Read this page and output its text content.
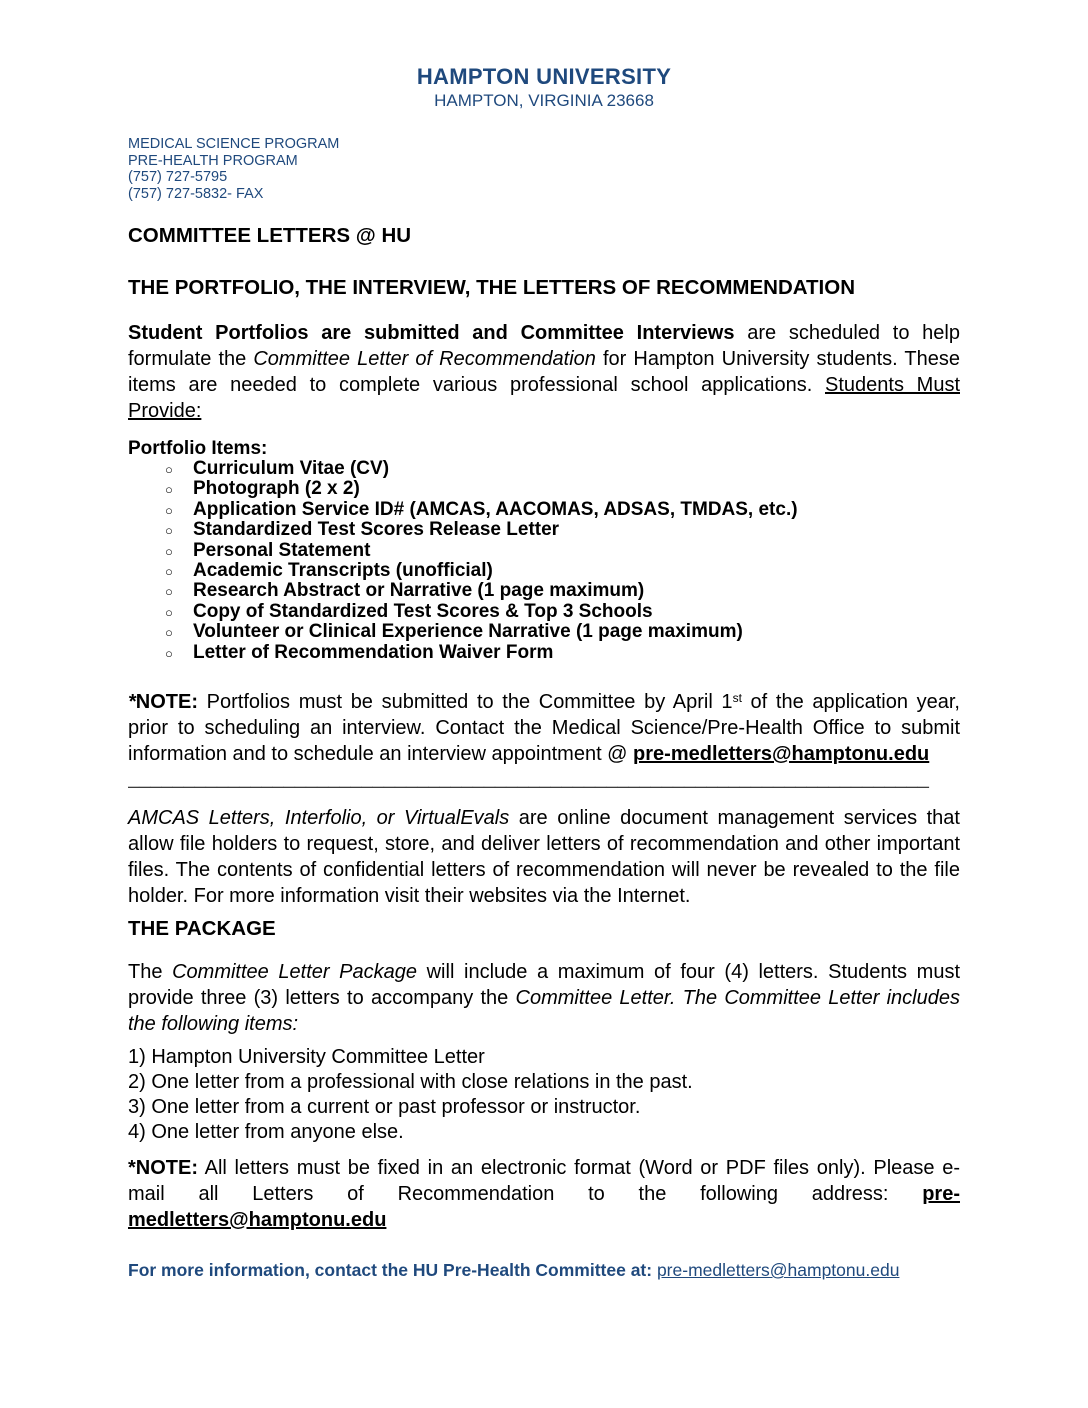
HAMPTON UNIVERSITY
HAMPTON, VIRGINIA 23668
MEDICAL SCIENCE PROGRAM
PRE-HEALTH PROGRAM
(757) 727-5795
(757) 727-5832- FAX
COMMITTEE LETTERS @ HU
THE PORTFOLIO, THE INTERVIEW, THE LETTERS OF RECOMMENDATION

Student Portfolios are submitted and Committee Interviews are scheduled to help formulate the Committee Letter of Recommendation for Hampton University students. These items are needed to complete various professional school applications. Students Must Provide:

Portfolio Items:
○ Curriculum Vitae (CV)
○ Photograph (2 x 2)
○ Application Service ID# (AMCAS, AACOMAS, ADSAS, TMDAS, etc.)
○ Standardized Test Scores Release Letter
○ Personal Statement
○ Academic Transcripts (unofficial)
○ Research Abstract or Narrative (1 page maximum)
○ Copy of Standardized Test Scores & Top 3 Schools
○ Volunteer or Clinical Experience Narrative (1 page maximum)
○ Letter of Recommendation Waiver Form

*NOTE: Portfolios must be submitted to the Committee by April 1st of the application year, prior to scheduling an interview. Contact the Medical Science/Pre-Health Office to submit information and to schedule an interview appointment @ pre-medletters@hamptonu.edu

________________________________________________________________________

AMCAS Letters, Interfolio, or VirtualEvals are online document management services that allow file holders to request, store, and deliver letters of recommendation and other important files. The contents of confidential letters of recommendation will never be revealed to the file holder. For more information visit their websites via the Internet.

THE PACKAGE

The Committee Letter Package will include a maximum of four (4) letters. Students must provide three (3) letters to accompany the Committee Letter. The Committee Letter includes the following items:

1) Hampton University Committee Letter
2) One letter from a professional with close relations in the past.
3) One letter from a current or past professor or instructor.
4) One letter from anyone else.

*NOTE: All letters must be fixed in an electronic format (Word or PDF files only). Please e-mail all Letters of Recommendation to the following address: pre-medletters@hamptonu.edu

For more information, contact the HU Pre-Health Committee at: pre-medletters@hamptonu.edu
